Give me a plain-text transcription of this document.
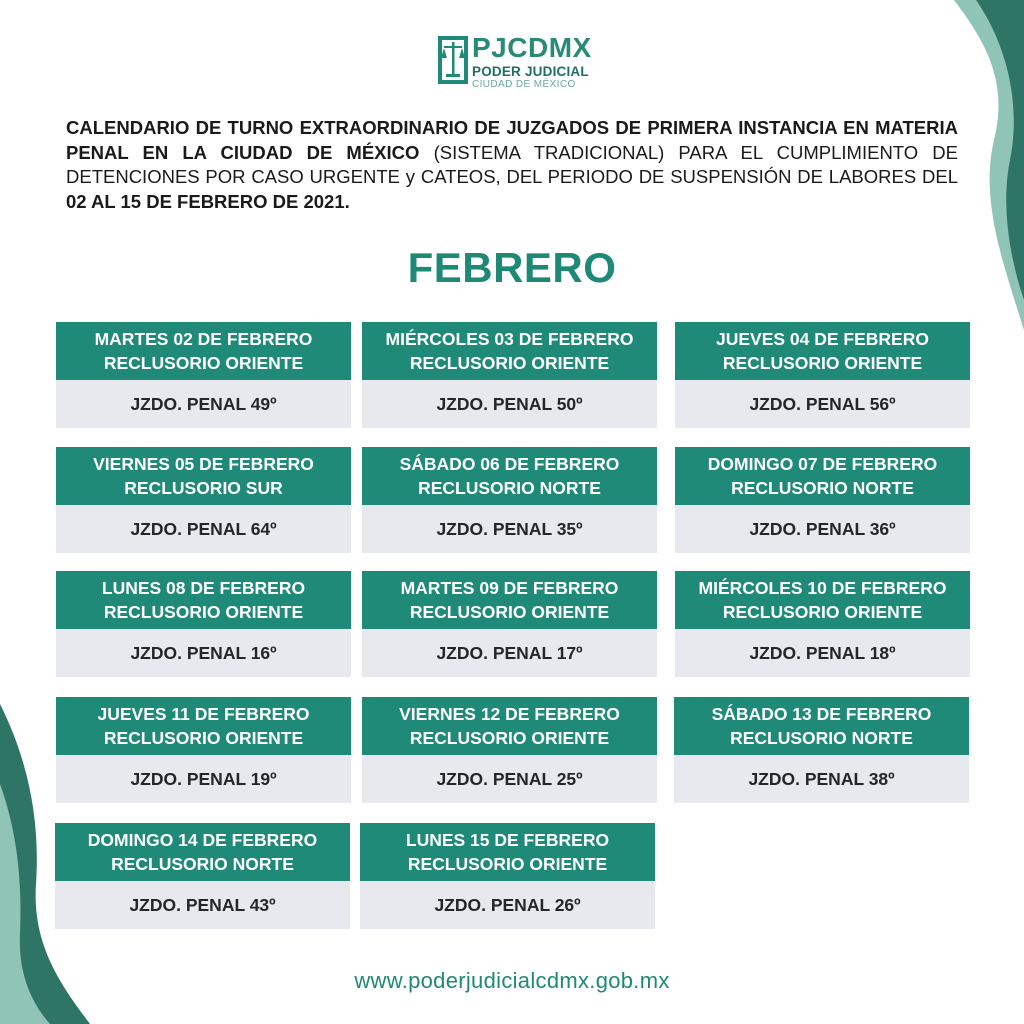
PJCDMX
PODER JUDICIAL
CIUDAD DE MÉXICO
CALENDARIO DE TURNO EXTRAORDINARIO DE JUZGADOS DE PRIMERA INSTANCIA EN MATERIA PENAL EN LA CIUDAD DE MÉXICO (SISTEMA TRADICIONAL) PARA EL CUMPLIMIENTO DE DETENCIONES POR CASO URGENTE y CATEOS, DEL PERIODO DE SUSPENSIÓN DE LABORES DEL 02 AL 15 DE FEBRERO DE 2021.
FEBRERO
MARTES 02 DE FEBRERO
RECLUSORIO ORIENTE
JZDO. PENAL 49º
MIÉRCOLES 03 DE FEBRERO
RECLUSORIO ORIENTE
JZDO. PENAL 50º
JUEVES 04 DE FEBRERO
RECLUSORIO ORIENTE
JZDO. PENAL 56º
VIERNES 05 DE FEBRERO
RECLUSORIO SUR
JZDO. PENAL 64º
SÁBADO 06 DE FEBRERO
RECLUSORIO NORTE
JZDO. PENAL 35º
DOMINGO 07 DE FEBRERO
RECLUSORIO NORTE
JZDO. PENAL 36º
LUNES 08 DE FEBRERO
RECLUSORIO ORIENTE
JZDO. PENAL 16º
MARTES 09 DE FEBRERO
RECLUSORIO ORIENTE
JZDO. PENAL 17º
MIÉRCOLES 10 DE FEBRERO
RECLUSORIO ORIENTE
JZDO. PENAL 18º
JUEVES 11 DE FEBRERO
RECLUSORIO ORIENTE
JZDO. PENAL 19º
VIERNES 12 DE FEBRERO
RECLUSORIO ORIENTE
JZDO. PENAL 25º
SÁBADO 13 DE FEBRERO
RECLUSORIO NORTE
JZDO. PENAL 38º
DOMINGO 14 DE FEBRERO
RECLUSORIO NORTE
JZDO. PENAL 43º
LUNES 15 DE FEBRERO
RECLUSORIO ORIENTE
JZDO. PENAL 26º
www.poderjudicialcdmx.gob.mx
